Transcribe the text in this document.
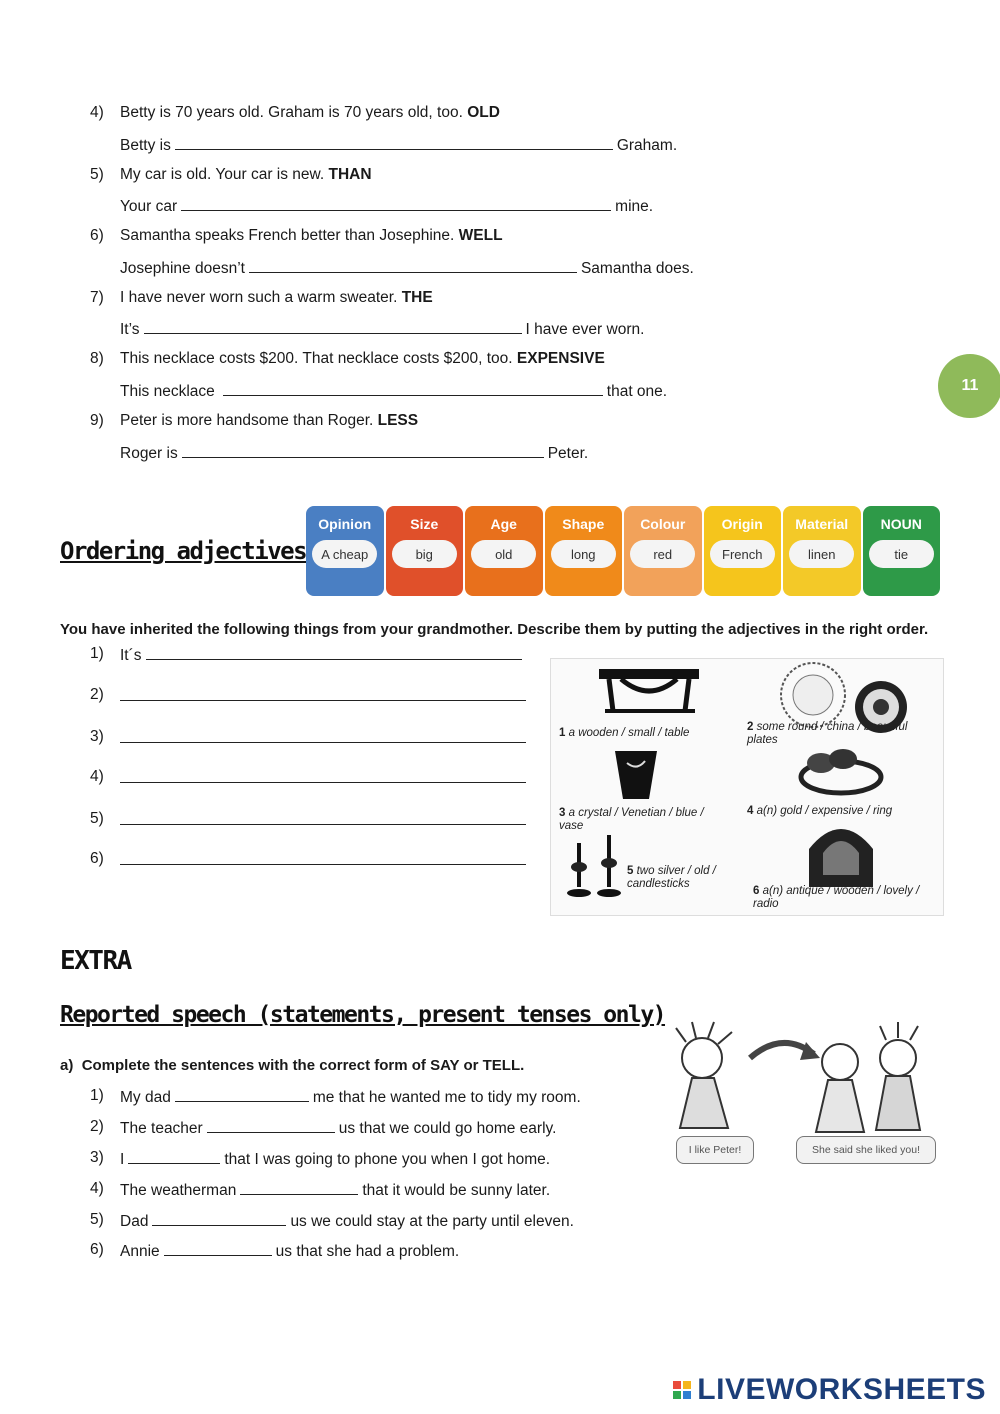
11
4) Betty is 70 years old. Graham is 70 years old, too. OLD
Betty is	Graham.
5) My car is old. Your car is new. THAN
Your car	mine.
6) Samantha speaks French better than Josephine. WELL
Josephine doesn’t	Samantha does.
7) I have never worn such a warm sweater. THE
It’s	I have ever worn.
8) This necklace costs $200. That necklace costs $200, too. EXPENSIVE
This necklace	that one.
9) Peter is more handsome than Roger. LESS
Roger is	Peter.
Ordering adjectives
Opinion
A cheap
Size
big
Age
old
Shape
long
Colour
red
Origin
French
Material
linen
NOUN
tie
You have inherited the following things from your grandmother. Describe them by putting the adjectives in the right order.
1) It´s
2)
3)
4)
5)
6)
1 a wooden / small / table	2 some round / china / beautiful plates
3 a crystal / Venetian / blue / vase
4 a(n) gold / expensive / ring
5 two silver / old / candlesticks
6 a(n) antique / wooden / lovely / radio
EXTRA
Reported speech (statements, present tenses only)
a) Complete the sentences with the correct form of SAY or TELL.
1) My dad	me that he wanted me to tidy my room.
2) The teacher	us that we could go home early.
3) I	that I was going to phone you when I got home.
4) The weatherman	that it would be sunny later.
5) Dad	us we could stay at the party until eleven.
6) Annie	us that she had a problem.
I like Peter!	She said she liked you!
LIVEWORKSHEETS
